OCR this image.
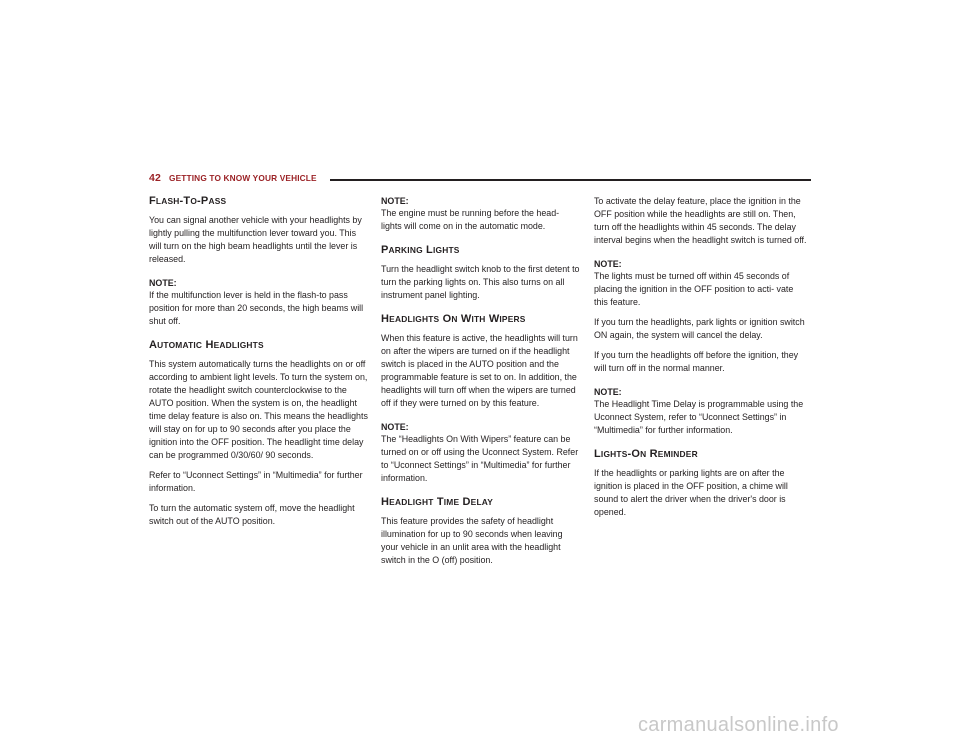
42 GETTING TO KNOW YOUR VEHICLE
FLASH-TO-PASS

You can signal another vehicle with your headlights by lightly pulling the multifunction lever toward you. This will turn on the high beam headlights until the lever is released.

NOTE:

If the multifunction lever is held in the flash-to pass position for more than 20 seconds, the high beams will shut off.

AUTOMATIC HEADLIGHTS

This system automatically turns the headlights on or off according to ambient light levels. To turn the system on, rotate the headlight switch counterclockwise to the AUTO position. When the system is on, the headlight time delay feature is also on. This means the headlights will stay on for up to 90 seconds after you place the ignition into the OFF position. The headlight time delay can be programmed 0/30/60/ 90 seconds.

Refer to “Uconnect Settings” in “Multimedia” for further information.

To turn the automatic system off, move the headlight switch out of the AUTO position.

NOTE:

The engine must be running before the head- lights will come on in the automatic mode.

PARKING LIGHTS

Turn the headlight switch knob to the first detent to turn the parking lights on. This also turns on all instrument panel lighting.

HEADLIGHTS ON WITH WIPERS

When this feature is active, the headlights will turn on after the wipers are turned on if the headlight switch is placed in the AUTO position and the programmable feature is set to on. In addition, the headlights will turn off when the wipers are turned off if they were turned on by this feature.

NOTE:

The “Headlights On With Wipers” feature can be turned on or off using the Uconnect System. Refer to “Uconnect Settings” in “Multimedia” for further information.

HEADLIGHT TIME DELAY

This feature provides the safety of headlight illumination for up to 90 seconds when leaving your vehicle in an unlit area with the headlight switch in the O (off) position.

To activate the delay feature, place the ignition in the OFF position while the headlights are still on. Then, turn off the headlights within 45 seconds. The delay interval begins when the headlight switch is turned off.

NOTE:

The lights must be turned off within 45 seconds of placing the ignition in the OFF position to acti- vate this feature.

If you turn the headlights, park lights or ignition switch ON again, the system will cancel the delay.

If you turn the headlights off before the ignition, they will turn off in the normal manner.

NOTE:

The Headlight Time Delay is programmable using the Uconnect System, refer to “Uconnect Settings” in “Multimedia” for further information.

LIGHTS-ON REMINDER

If the headlights or parking lights are on after the ignition is placed in the OFF position, a chime will sound to alert the driver when the driver's door is opened.

carmanualsonline.info
